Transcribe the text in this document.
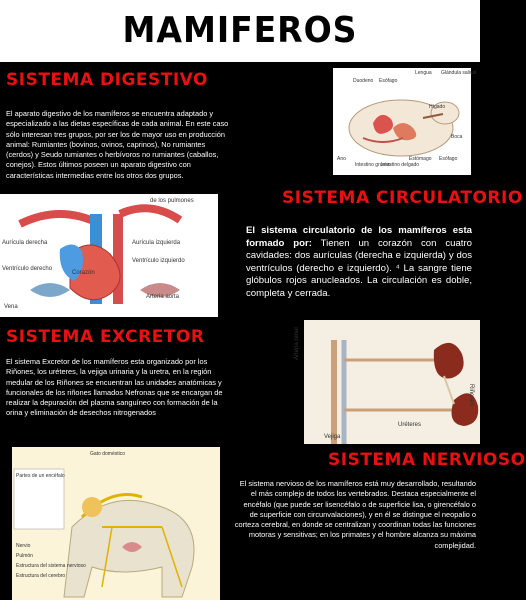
MAMIFEROS
SISTEMA DIGESTIVO
El aparato digestivo de los mamíferos se encuentra adaptado y especializado a las dietas específicas de cada animal. En este caso sólo interesan tres grupos, por ser los de mayor uso en producción animal: Rumiantes (bovinos, ovinos, caprinos), No rumiantes (cerdos) y Seudo rumiantes o herbívoros no rumiantes (caballos, conejos). Estos últimos poseen un aparato digestivo con características intermedias entre los otros dos grupos.
Duodeno Esófago
Lengua Glándula salival
Boca
Ano
Intestino grueso
Intestino delgado
Estómago Esófago
Hígado
de los pulmones
Aurícula derecha	Aurícula izquierda
Ventrículo izquierdo
Ventrículo derecho
Corazón
Arteria aorta
Vena
SISTEMA CIRCULATORIO
El sistema circulatorio de los mamíferos esta formado por: Tienen un corazón con cuatro cavidades: dos aurículas (derecha e izquierda) y dos ventrículos (derecho e izquierdo). ⁴ La sangre tiene glóbulos rojos anucleados. La circulación es doble, completa y cerrada.
SISTEMA EXCRETOR
El sistema Excretor de los mamíferos esta organizado por los Riñones, los uréteres, la vejiga urinaria y la uretra, en la región medular de los Riñones se encuentran las unidades anatómicas y funcionales de los riñones llamados Nefronas que se encargan de realizar la depuración del plasma sanguíneo con formación de la orina y eliminación de desechos nitrogenados
Arteria renal
Riñones
Uréteres
Vejiga
Gato doméstico
Partes de un encéfalo
Nervio
Pulmón
Estructura del sistema nervioso
Estructura del cerebro
SISTEMA NERVIOSO
El sistema nervioso de los mamíferos está muy desarrollado, resultando el más complejo de todos los vertebrados. Destaca especialmente el encéfalo (que puede ser lisencéfalo o de superficie lisa, o girencéfalo o de superficie con circunvalaciones), y en él se distingue el neopalio o corteza cerebral, en donde se centralizan y coordinan todas las funciones motoras y sensitivas; en los primates y el hombre alcanza su máxima complejidad.
